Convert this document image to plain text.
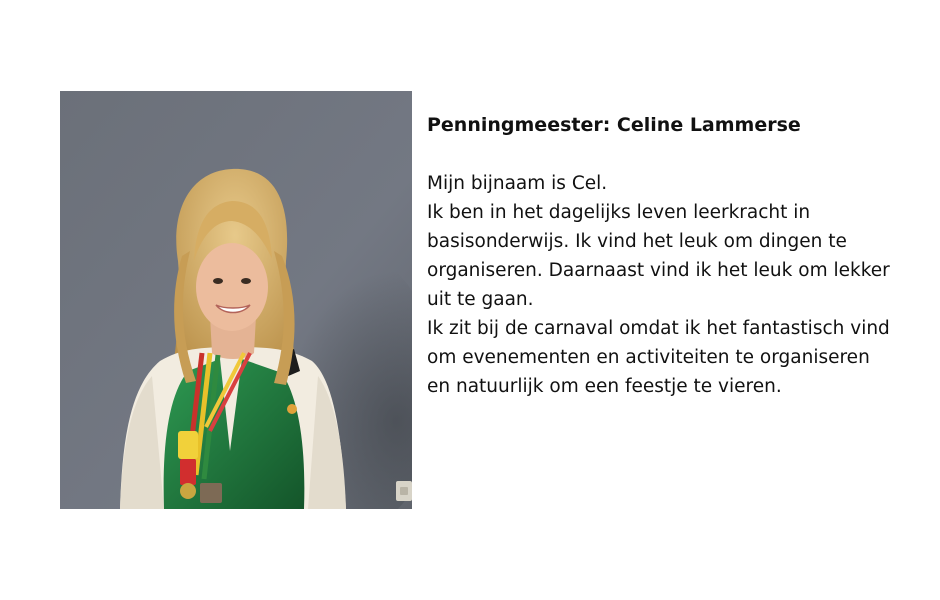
Penningmeester: Celine Lammerse

Mijn bijnaam is Cel.

Ik ben in het dagelijks leven leerkracht in basisonderwijs. Ik vind het leuk om dingen te organiseren. Daarnaast vind ik het leuk om lekker uit te gaan.

Ik zit bij de carnaval omdat ik het fantastisch vind om evenementen en activiteiten te organiseren en natuurlijk om een feestje te vieren.
